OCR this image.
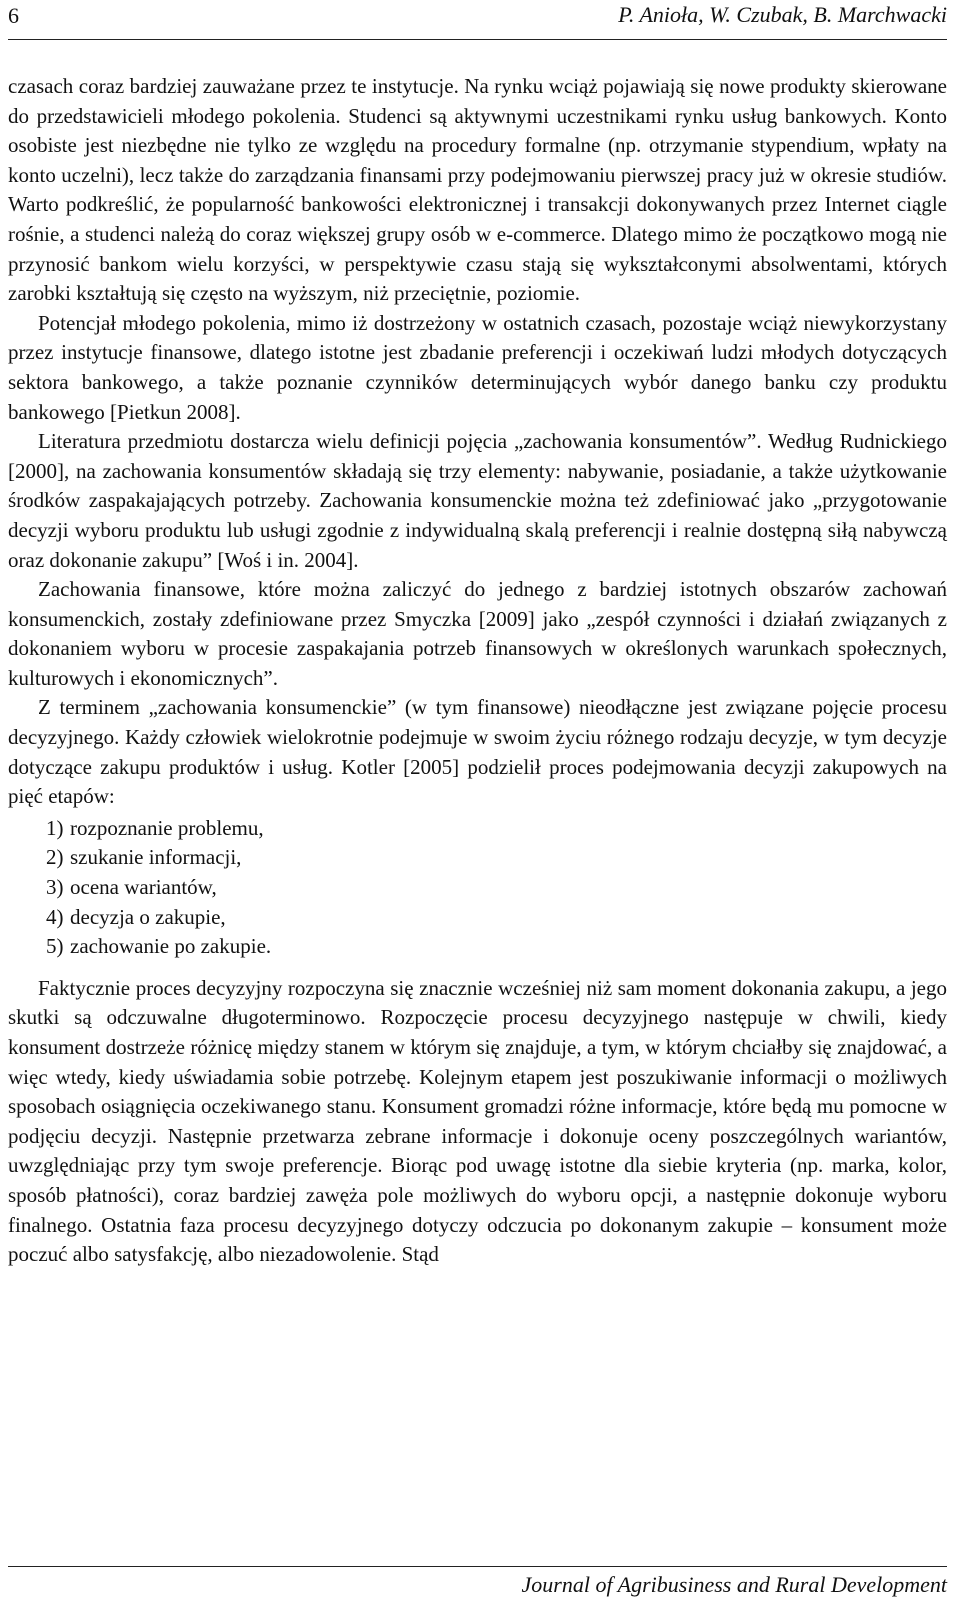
6	P. Anioła, W. Czubak, B. Marchwacki

czasach coraz bardziej zauważane przez te instytucje. Na rynku wciąż pojawiają się nowe produkty skierowane do przedstawicieli młodego pokolenia. Studenci są aktywnymi uczestnikami rynku usług bankowych. Konto osobiste jest niezbędne nie tylko ze względu na procedury formalne (np. otrzymanie stypendium, wpłaty na konto uczelni), lecz także do zarządzania finansami przy podejmowaniu pierwszej pracy już w okresie studiów. Warto podkreślić, że popularność bankowości elektronicznej i transakcji dokonywanych przez Internet ciągle rośnie, a studenci należą do coraz większej grupy osób w e-commerce. Dlatego mimo że początkowo mogą nie przynosić bankom wielu korzyści, w perspektywie czasu stają się wykształconymi absolwentami, których zarobki kształtują się często na wyższym, niż przeciętnie, poziomie.

Potencjał młodego pokolenia, mimo iż dostrzeżony w ostatnich czasach, pozostaje wciąż niewykorzystany przez instytucje finansowe, dlatego istotne jest zbadanie preferencji i oczekiwań ludzi młodych dotyczących sektora bankowego, a także poznanie czynników determinujących wybór danego banku czy produktu bankowego [Pietkun 2008].

Literatura przedmiotu dostarcza wielu definicji pojęcia „zachowania konsumentów”. Według Rudnickiego [2000], na zachowania konsumentów składają się trzy elementy: nabywanie, posiadanie, a także użytkowanie środków zaspakajających potrzeby. Zachowania konsumenckie można też zdefiniować jako „przygotowanie decyzji wyboru produktu lub usługi zgodnie z indywidualną skalą preferencji i realnie dostępną siłą nabywczą oraz dokonanie zakupu” [Woś i in. 2004].

Zachowania finansowe, które można zaliczyć do jednego z bardziej istotnych obszarów zachowań konsumenckich, zostały zdefiniowane przez Smyczka [2009] jako „zespół czynności i działań związanych z dokonaniem wyboru w procesie zaspakajania potrzeb finansowych w określonych warunkach społecznych, kulturowych i ekonomicznych”.

Z terminem „zachowania konsumenckie” (w tym finansowe) nieodłączne jest związane pojęcie procesu decyzyjnego. Każdy człowiek wielokrotnie podejmuje w swoim życiu różnego rodzaju decyzje, w tym decyzje dotyczące zakupu produktów i usług. Kotler [2005] podzielił proces podejmowania decyzji zakupowych na pięć etapów:

1) rozpoznanie problemu,
2) szukanie informacji,
3) ocena wariantów,
4) decyzja o zakupie,
5) zachowanie po zakupie.

Faktycznie proces decyzyjny rozpoczyna się znacznie wcześniej niż sam moment dokonania zakupu, a jego skutki są odczuwalne długoterminowo. Rozpoczęcie procesu decyzyjnego następuje w chwili, kiedy konsument dostrzeże różnicę między stanem w którym się znajduje, a tym, w którym chciałby się znajdować, a więc wtedy, kiedy uświadamia sobie potrzebę. Kolejnym etapem jest poszukiwanie informacji o możliwych sposobach osiągnięcia oczekiwanego stanu. Konsument gromadzi różne informacje, które będą mu pomocne w podjęciu decyzji. Następnie przetwarza zebrane informacje i dokonuje oceny poszczególnych wariantów, uwzględniając przy tym swoje preferencje. Biorąc pod uwagę istotne dla siebie kryteria (np. marka, kolor, sposób płatności), coraz bardziej zawęża pole możliwych do wyboru opcji, a następnie dokonuje wyboru finalnego. Ostatnia faza procesu decyzyjnego dotyczy odczucia po dokonanym zakupie – konsument może poczuć albo satysfakcję, albo niezadowolenie. Stąd

Journal of Agribusiness and Rural Development
